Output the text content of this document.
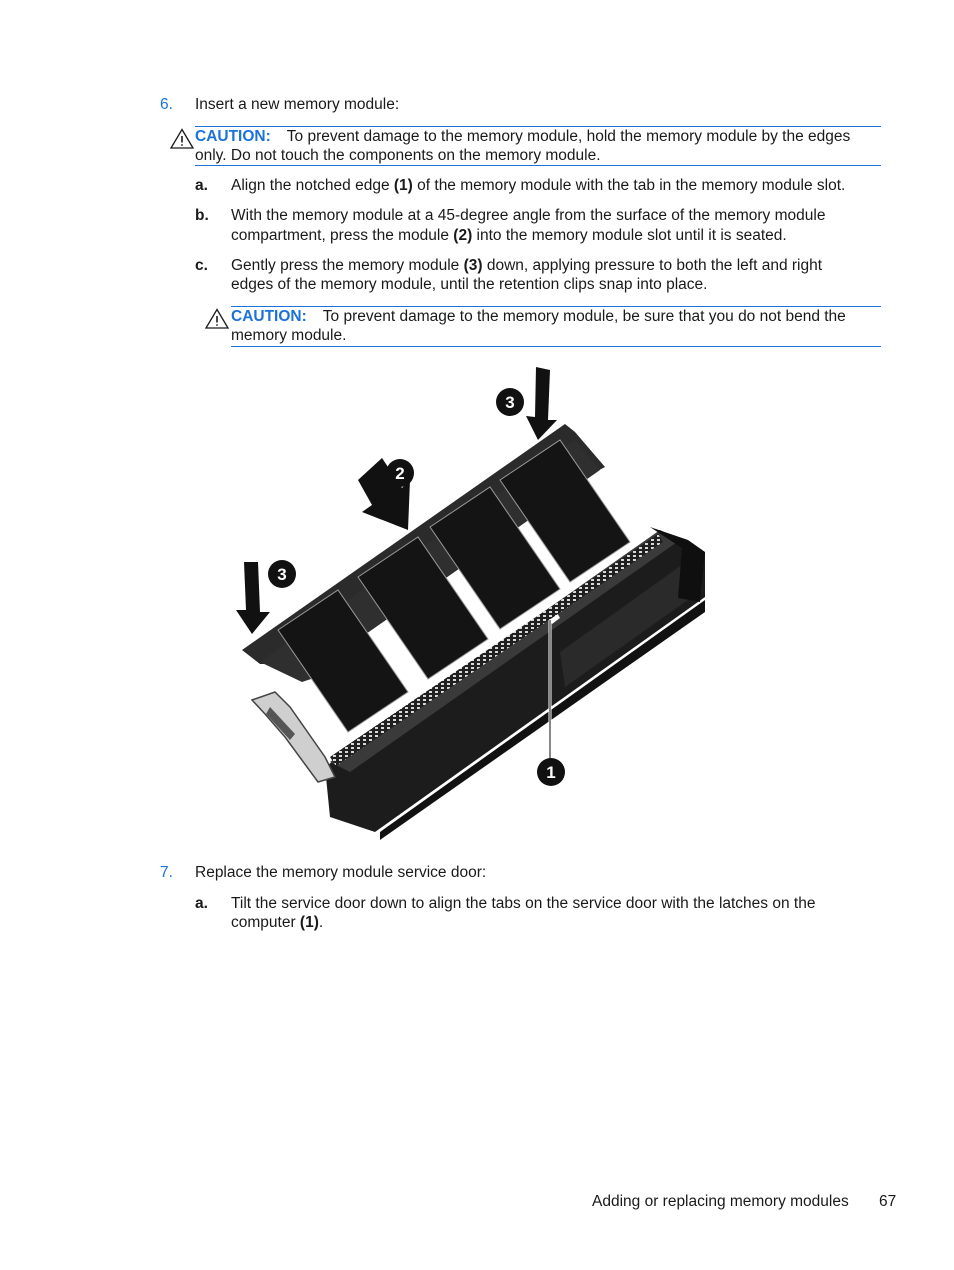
6. Insert a new memory module:
CAUTION: To prevent damage to the memory module, hold the memory module by the edges
only. Do not touch the components on the memory module.
a. Align the notched edge (1) of the memory module with the tab in the memory module slot.
b. With the memory module at a 45-degree angle from the surface of the memory module
compartment, press the module (2) into the memory module slot until it is seated.
c. Gently press the memory module (3) down, applying pressure to both the left and right
edges of the memory module, until the retention clips snap into place.
CAUTION: To prevent damage to the memory module, be sure that you do not bend the
memory module.
1
2
3
3
7. Replace the memory module service door:
a. Tilt the service door down to align the tabs on the service door with the latches on the
computer (1).
Adding or replacing memory modules 67
